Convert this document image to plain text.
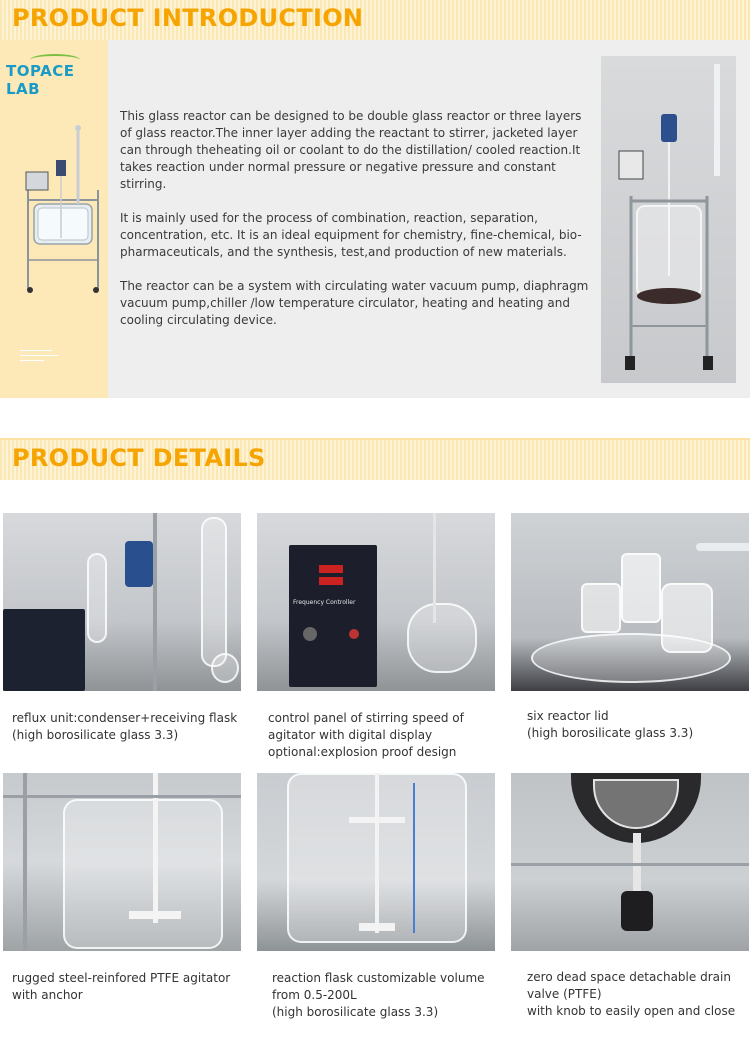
PRODUCT INTRODUCTION
TOPACE LAB

This glass reactor can be designed to be double glass reactor or three layers of glass reactor.The inner layer adding the reactant to stirrer, jacketed layer can through theheating oil or coolant to do the distillation/ cooled reaction.It takes reaction under normal pressure or negative pressure and constant stirring.

It is mainly used for the process of combination, reaction, separation, concentration, etc. It is an ideal equipment for chemistry, fine-chemical, bio-pharmaceuticals, and the synthesis, test,and production of new materials.

The reactor can be a system with circulating water vacuum pump, diaphragm vacuum pump,chiller /low temperature circulator, heating and heating and cooling circulating device.

PRODUCT DETAILS
Frequency Controller
reflux unit:condenser+receiving flask
(high borosilicate glass 3.3)
control panel of stirring speed of
agitator with digital display
optional:explosion proof design
six reactor lid
(high borosilicate glass 3.3)
rugged steel-reinfored PTFE agitator
with anchor
reaction flask customizable volume
from 0.5-200L
(high borosilicate glass 3.3)
zero dead space detachable drain
valve (PTFE)
with knob to easily open and close
